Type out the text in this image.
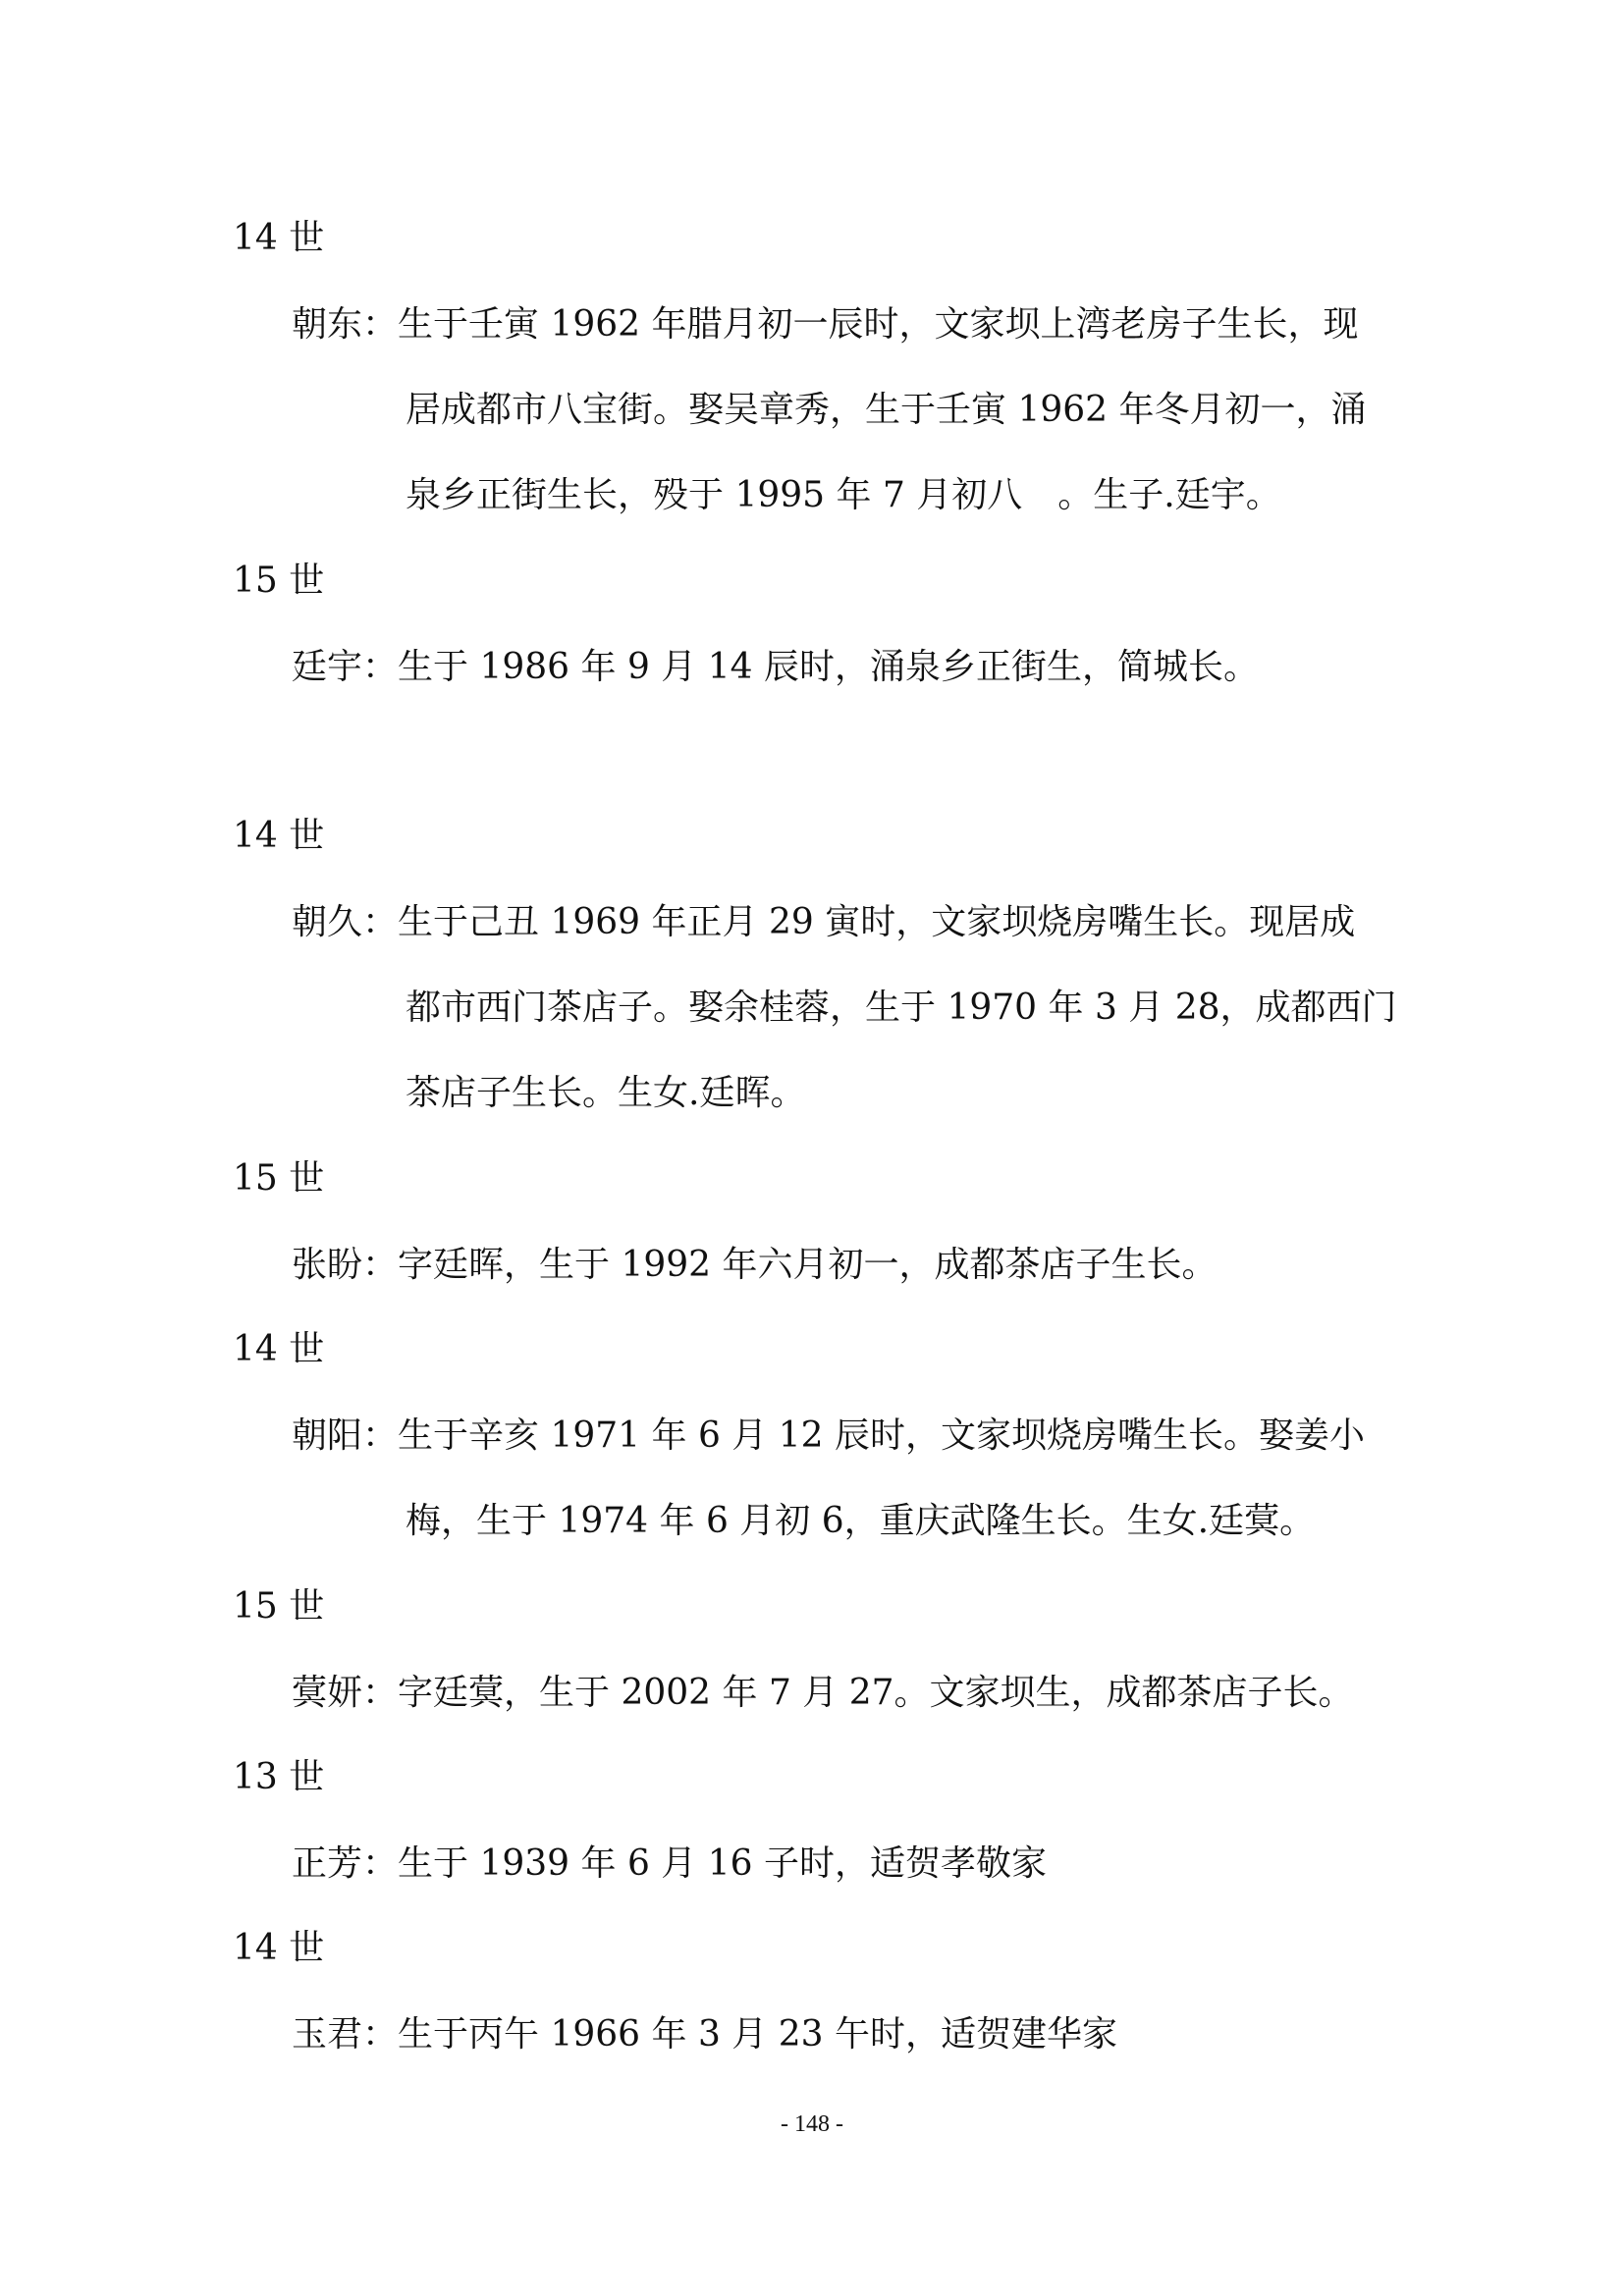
14 世
朝东：生于壬寅 1962 年腊月初一辰时，文家坝上湾老房子生长，现
居成都市八宝街。娶吴章秀，生于壬寅 1962 年冬月初一，涌
泉乡正街生长，殁于 1995 年 7 月初八　。生子.廷宇。
15 世
廷宇：生于 1986 年 9 月 14 辰时，涌泉乡正街生，简城长。
14 世
朝久：生于己丑 1969 年正月 29 寅时，文家坝烧房嘴生长。现居成
都市西门茶店子。娶余桂蓉，生于 1970 年 3 月 28，成都西门
茶店子生长。生女.廷晖。
15 世
张盼：字廷晖，生于 1992 年六月初一，成都茶店子生长。
14 世
朝阳：生于辛亥 1971 年 6 月 12 辰时，文家坝烧房嘴生长。娶姜小
梅，生于 1974 年 6 月初 6，重庆武隆生长。生女.廷蓂。
15 世
蓂妍：字廷蓂，生于 2002 年 7 月 27。文家坝生，成都茶店子长。
13 世
正芳：生于 1939 年 6 月 16 子时，适贺孝敬家
14 世
玉君：生于丙午 1966 年 3 月 23 午时，适贺建华家
- 148 -
